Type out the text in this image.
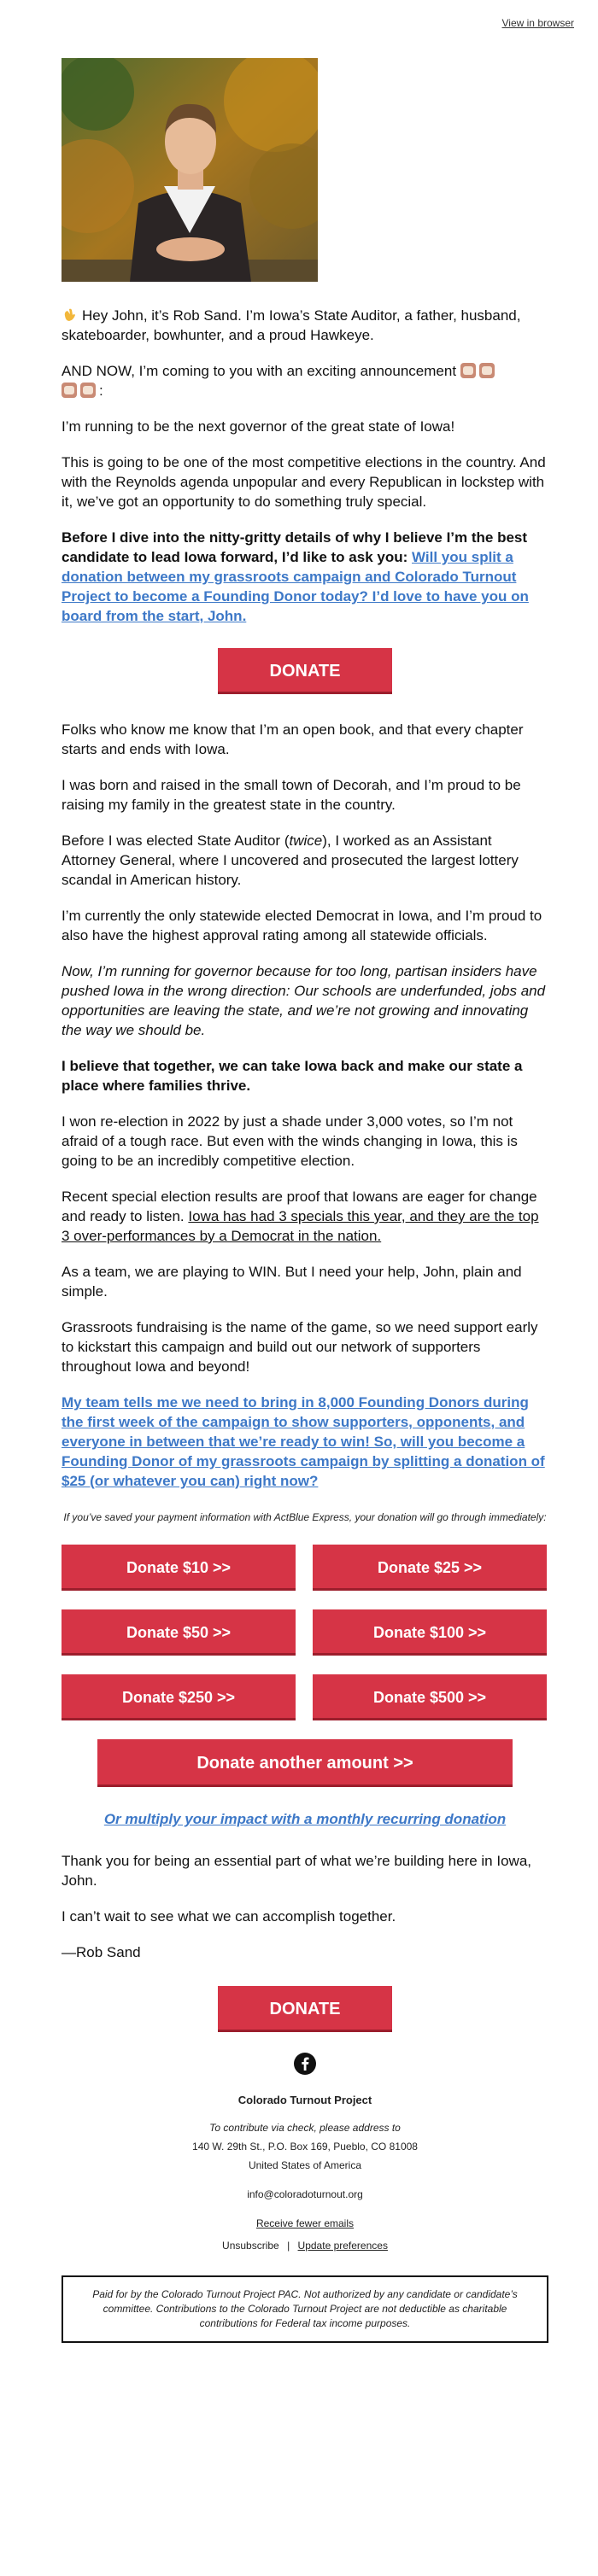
View in browser

Hey John, it’s Rob Sand. I’m Iowa’s State Auditor, a father, husband, skateboarder, bowhunter, and a proud Hawkeye.

AND NOW, I’m coming to you with an exciting announcement
:

I’m running to be the next governor of the great state of Iowa!

This is going to be one of the most competitive elections in the country. And with the Reynolds agenda unpopular and every Republican in lockstep with it, we’ve got an opportunity to do something truly special.

Before I dive into the nitty-gritty details of why I believe I’m the best candidate to lead Iowa forward, I’d like to ask you: Will you split a donation between my grassroots campaign and Colorado Turnout Project to become a Founding Donor today? I’d love to have you on board from the start, John.

DONATE

Folks who know me know that I’m an open book, and that every chapter starts and ends with Iowa.

I was born and raised in the small town of Decorah, and I’m proud to be raising my family in the greatest state in the country.

Before I was elected State Auditor (twice), I worked as an Assistant Attorney General, where I uncovered and prosecuted the largest lottery scandal in American history.

I’m currently the only statewide elected Democrat in Iowa, and I’m proud to also have the highest approval rating among all statewide officials.

Now, I’m running for governor because for too long, partisan insiders have pushed Iowa in the wrong direction: Our schools are underfunded, jobs and opportunities are leaving the state, and we’re not growing and innovating the way we should be.

I believe that together, we can take Iowa back and make our state a place where families thrive.

I won re-election in 2022 by just a shade under 3,000 votes, so I’m not afraid of a tough race. But even with the winds changing in Iowa, this is going to be an incredibly competitive election.

Recent special election results are proof that Iowans are eager for change and ready to listen. Iowa has had 3 specials this year, and they are the top 3 over-performances by a Democrat in the nation.

As a team, we are playing to WIN. But I need your help, John, plain and simple.

Grassroots fundraising is the name of the game, so we need support early to kickstart this campaign and build out our network of supporters throughout Iowa and beyond!

My team tells me we need to bring in 8,000 Founding Donors during the first week of the campaign to show supporters, opponents, and everyone in between that we’re ready to win! So, will you become a Founding Donor of my grassroots campaign by splitting a donation of $25 (or whatever you can) right now?

If you’ve saved your payment information with ActBlue Express, your donation will go through immediately:
Donate $10 >>	Donate $25 >>
Donate $50 >>	Donate $100 >>
Donate $250 >>	Donate $500 >>
Donate another amount >>
Or multiply your impact with a monthly recurring donation

Thank you for being an essential part of what we’re building here in Iowa, John.

I can’t wait to see what we can accomplish together.

—Rob Sand

DONATE
Colorado Turnout Project
To contribute via check, please address to
140 W. 29th St., P.O. Box 169, Pueblo, CO 81008
United States of America
info@coloradoturnout.org
Receive fewer emails
Unsubscribe | Update preferences
Paid for by the Colorado Turnout Project PAC. Not authorized by any candidate or candidate’s committee. Contributions to the Colorado Turnout Project are not deductible as charitable contributions for Federal tax income purposes.
